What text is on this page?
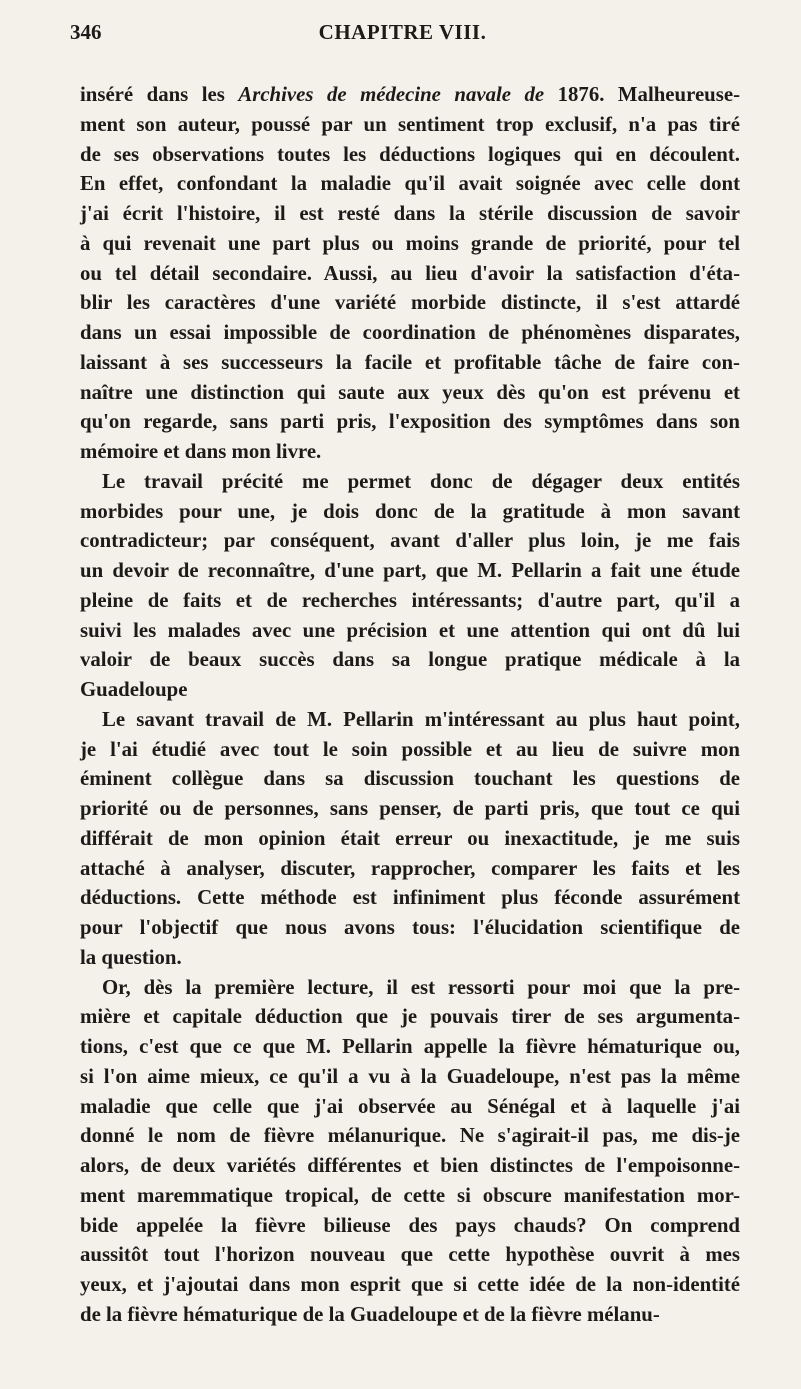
346	CHAPITRE VIII.
inséré dans les Archives de médecine navale de 1876. Malheureuse-
ment son auteur, poussé par un sentiment trop exclusif, n'a pas tiré
de ses observations toutes les déductions logiques qui en découlent.
En effet, confondant la maladie qu'il avait soignée avec celle dont
j'ai écrit l'histoire, il est resté dans la stérile discussion de savoir
à qui revenait une part plus ou moins grande de priorité, pour tel
ou tel détail secondaire. Aussi, au lieu d'avoir la satisfaction d'éta-
blir les caractères d'une variété morbide distincte, il s'est attardé
dans un essai impossible de coordination de phénomènes disparates,
laissant à ses successeurs la facile et profitable tâche de faire con-
naître une distinction qui saute aux yeux dès qu'on est prévenu et
qu'on regarde, sans parti pris, l'exposition des symptômes dans son
mémoire et dans mon livre.
Le travail précité me permet donc de dégager deux entités
morbides pour une, je dois donc de la gratitude à mon savant
contradicteur; par conséquent, avant d'aller plus loin, je me fais
un devoir de reconnaître, d'une part, que M. Pellarin a fait une étude
pleine de faits et de recherches intéressants; d'autre part, qu'il a
suivi les malades avec une précision et une attention qui ont dû lui
valoir de beaux succès dans sa longue pratique médicale à la
Guadeloupe
Le savant travail de M. Pellarin m'intéressant au plus haut point,
je l'ai étudié avec tout le soin possible et au lieu de suivre mon
éminent collègue dans sa discussion touchant les questions de
priorité ou de personnes, sans penser, de parti pris, que tout ce qui
différait de mon opinion était erreur ou inexactitude, je me suis
attaché à analyser, discuter, rapprocher, comparer les faits et les
déductions. Cette méthode est infiniment plus féconde assurément
pour l'objectif que nous avons tous: l'élucidation scientifique de
la question.
Or, dès la première lecture, il est ressorti pour moi que la pre-
mière et capitale déduction que je pouvais tirer de ses argumenta-
tions, c'est que ce que M. Pellarin appelle la fièvre hématurique ou,
si l'on aime mieux, ce qu'il a vu à la Guadeloupe, n'est pas la même
maladie que celle que j'ai observée au Sénégal et à laquelle j'ai
donné le nom de fièvre mélanurique. Ne s'agirait-il pas, me dis-je
alors, de deux variétés différentes et bien distinctes de l'empoisonne-
ment maremmatique tropical, de cette si obscure manifestation mor-
bide appelée la fièvre bilieuse des pays chauds? On comprend
aussitôt tout l'horizon nouveau que cette hypothèse ouvrit à mes
yeux, et j'ajoutai dans mon esprit que si cette idée de la non-identité
de la fièvre hématurique de la Guadeloupe et de la fièvre mélanu-
